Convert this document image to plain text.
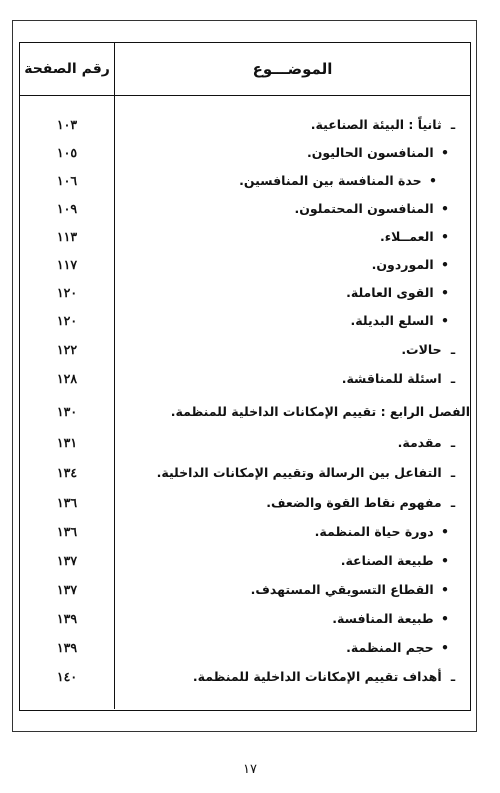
الموضـــوع
رقم الصفحة
ـ ثانياً : البيئة الصناعية.
• المنافسون الحاليون.
• حدة المنافسة بين المنافسين.
• المنافسون المحتملون.
• العمــلاء.
• الموردون.
• القوى العاملة.
• السلع البديلة.
ـ حالات.
ـ اسئلة للمناقشة.
الفصل الرابع : تقييم الإمكانات الداخلية للمنظمة.
ـ مقدمة.
ـ التفاعل بين الرسالة وتقييم الإمكانات الداخلية.
ـ مفهوم نقاط القوة والضعف.
• دورة حياة المنظمة.
• طبيعة الصناعة.
• القطاع التسويقي المستهدف.
• طبيعة المنافسة.
• حجم المنظمة.
ـ أهداف تقييم الإمكانات الداخلية للمنظمة.
١٠٣
١٠٥
١٠٦
١٠٩
١١٣
١١٧
١٢٠
١٢٠
١٢٢
١٢٨
١٣٠
١٣١
١٣٤
١٣٦
١٣٦
١٣٧
١٣٧
١٣٩
١٣٩
١٤٠
١٧
